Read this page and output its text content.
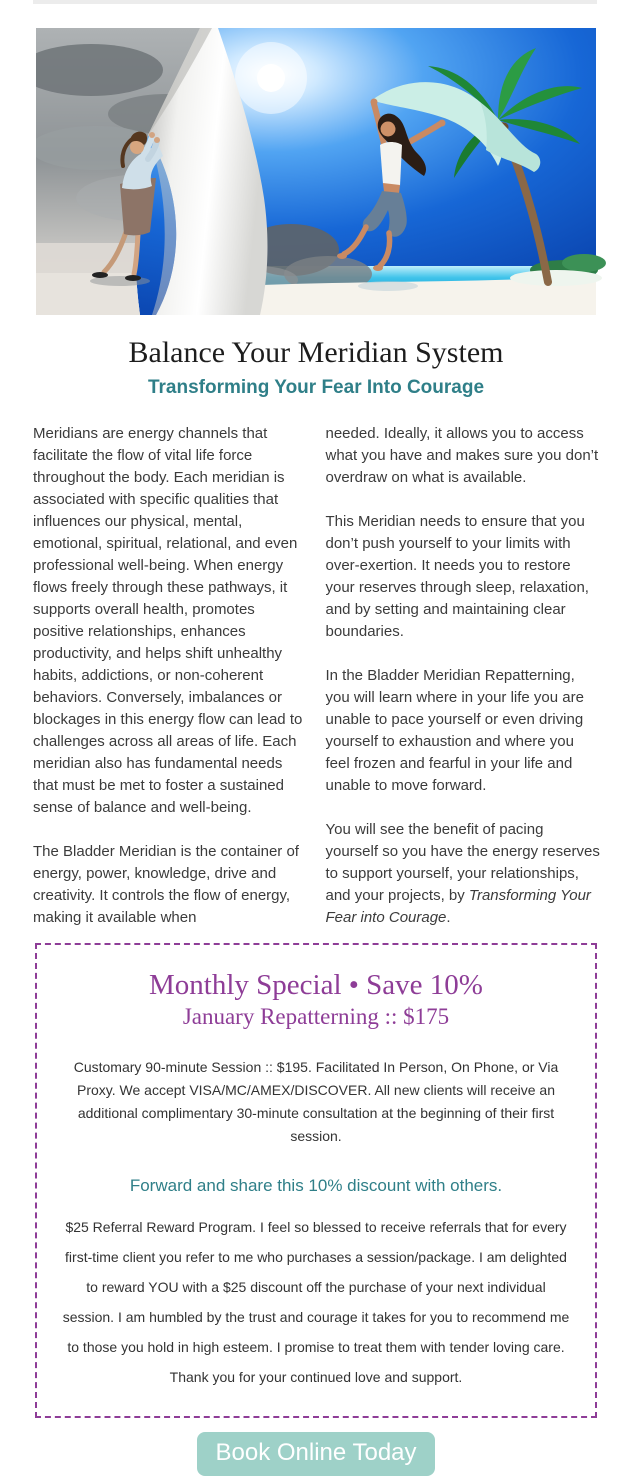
Balance Your Meridian System

Transforming Your Fear Into Courage

Meridians are energy channels that facilitate the flow of vital life force throughout the body. Each meridian is associated with specific qualities that influences our physical, mental, emotional, spiritual, relational, and even professional well-being. When energy flows freely through these pathways, it supports overall health, promotes positive relationships, enhances productivity, and helps shift unhealthy habits, addictions, or non-coherent behaviors. Conversely, imbalances or blockages in this energy flow can lead to challenges across all areas of life. Each meridian also has fundamental needs that must be met to foster a sustained sense of balance and well-being.

The Bladder Meridian is the container of energy, power, knowledge, drive and creativity. It controls the flow of energy, making it available when

needed. Ideally, it allows you to access what you have and makes sure you don’t overdraw on what is available.

This Meridian needs to ensure that you don’t push yourself to your limits with over-exertion. It needs you to restore your reserves through sleep, relaxation, and by setting and maintaining clear boundaries.

In the Bladder Meridian Repatterning, you will learn where in your life you are unable to pace yourself or even driving yourself to exhaustion and where you feel frozen and fearful in your life and unable to move forward.

You will see the benefit of pacing yourself so you have the energy reserves to support yourself, your relationships, and your projects, by Transforming Your Fear into Courage.

Monthly Special • Save 10%
January Repatterning :: $175

Customary 90-minute Session :: $195. Facilitated In Person, On Phone, or Via Proxy. We accept VISA/MC/AMEX/DISCOVER. All new clients will receive an additional complimentary 30-minute consultation at the beginning of their first session.

Forward and share this 10% discount with others.

$25 Referral Reward Program. I feel so blessed to receive referrals that for every first-time client you refer to me who purchases a session/package. I am delighted to reward YOU with a $25 discount off the purchase of your next individual session. I am humbled by the trust and courage it takes for you to recommend me to those you hold in high esteem. I promise to treat them with tender loving care. Thank you for your continued love and support.

Book Online Today
